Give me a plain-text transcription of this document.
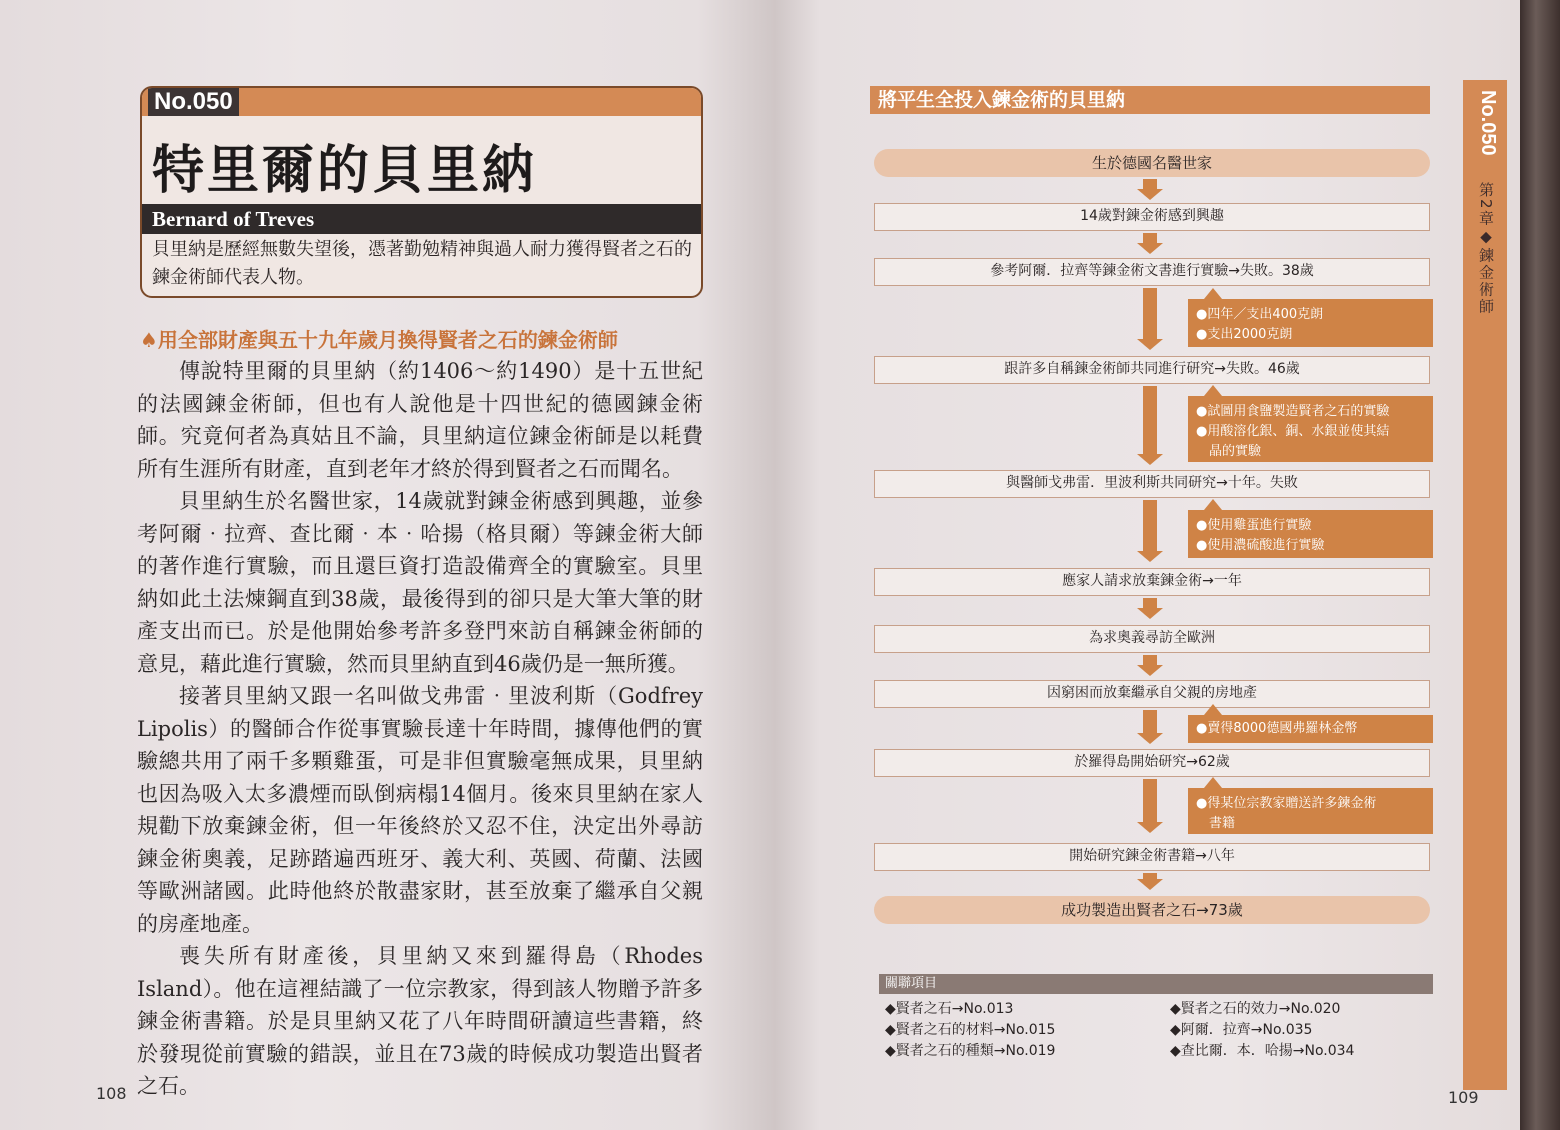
No.050
特里爾的貝里納
Bernard of Treves
貝里納是歷經無數失望後，憑著勤勉精神與過人耐力獲得賢者之石的鍊金術師代表人物。
♠用全部財產與五十九年歲月換得賢者之石的鍊金術師

傳說特里爾的貝里納（約1406～約1490）是十五世紀的法國鍊金術師，但也有人說他是十四世紀的德國鍊金術師。究竟何者為真姑且不論，貝里納這位鍊金術師是以耗費所有生涯所有財產，直到老年才終於得到賢者之石而聞名。

貝里納生於名醫世家，14歲就對鍊金術感到興趣，並參考阿爾‧拉齊、查比爾‧本‧哈揚（格貝爾）等鍊金術大師的著作進行實驗，而且還巨資打造設備齊全的實驗室。貝里納如此土法煉鋼直到38歲，最後得到的卻只是大筆大筆的財產支出而已。於是他開始參考許多登門來訪自稱鍊金術師的意見，藉此進行實驗，然而貝里納直到46歲仍是一無所獲。

接著貝里納又跟一名叫做戈弗雷‧里波利斯（Godfrey Lipolis）的醫師合作從事實驗長達十年時間，據傳他們的實驗總共用了兩千多顆雞蛋，可是非但實驗毫無成果，貝里納也因為吸入太多濃煙而臥倒病榻14個月。後來貝里納在家人規勸下放棄鍊金術，但一年後終於又忍不住，決定出外尋訪鍊金術奧義，足跡踏遍西班牙、義大利、英國、荷蘭、法國等歐洲諸國。此時他終於散盡家財，甚至放棄了繼承自父親的房產地產。

喪失所有財產後，貝里納又來到羅得島（Rhodes Island）。他在這裡結識了一位宗教家，得到該人物贈予許多鍊金術書籍。於是貝里納又花了八年時間研讀這些書籍，終於發現從前實驗的錯誤，並且在73歲的時候成功製造出賢者之石。

108
將平生全投入鍊金術的貝里納	No.050
第2章◆鍊金術師
生於德國名醫世家
14歲對鍊金術感到興趣
參考阿爾．拉齊等鍊金術文書進行實驗→失敗。38歲
●四年／支出400克朗
●支出2000克朗
跟許多自稱鍊金術師共同進行研究→失敗。46歲
●試圖用食鹽製造賢者之石的實驗
●用酸溶化銀、銅、水銀並使其結
　晶的實驗
與醫師戈弗雷．里波利斯共同研究→十年。失敗
●使用雞蛋進行實驗
●使用濃硫酸進行實驗
應家人請求放棄鍊金術→一年
為求奧義尋訪全歐洲
因窮困而放棄繼承自父親的房地產
●賣得8000德國弗羅林金幣
於羅得島開始研究→62歲
●得某位宗教家贈送許多鍊金術
　書籍
開始研究鍊金術書籍→八年
成功製造出賢者之石→73歲
關聯項目
◆賢者之石→No.013
◆賢者之石的材料→No.015
◆賢者之石的種類→No.019
◆賢者之石的效力→No.020
◆阿爾．拉齊→No.035
◆查比爾．本．哈揚→No.034
109
